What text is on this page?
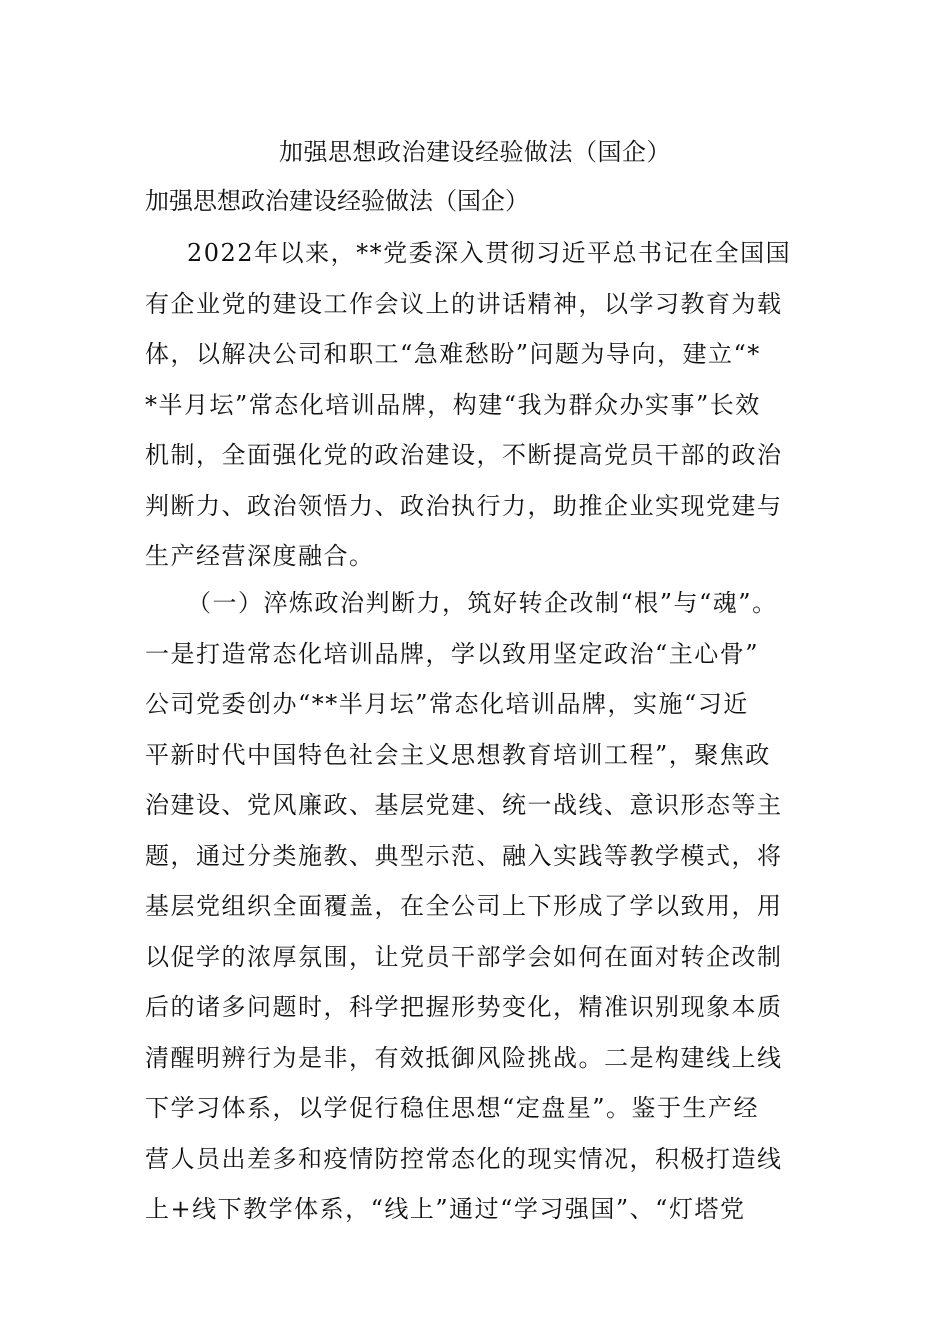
加强思想政治建设经验做法（国企）

加强思想政治建设经验做法（国企）

2022年以来，**党委深入贯彻习近平总书记在全国国
有企业党的建设工作会议上的讲话精神，以学习教育为载
体，以解决公司和职工“急难愁盼”问题为导向，建立“*
*半月坛”常态化培训品牌，构建“我为群众办实事”长效
机制，全面强化党的政治建设，不断提高党员干部的政治
判断力、政治领悟力、政治执行力，助推企业实现党建与
生产经营深度融合。
（一）淬炼政治判断力，筑好转企改制“根”与“魂”。
一是打造常态化培训品牌，学以致用坚定政治“主心骨”
公司党委创办“**半月坛”常态化培训品牌，实施“习近
平新时代中国特色社会主义思想教育培训工程”，聚焦政
治建设、党风廉政、基层党建、统一战线、意识形态等主
题，通过分类施教、典型示范、融入实践等教学模式，将
基层党组织全面覆盖，在全公司上下形成了学以致用，用
以促学的浓厚氛围，让党员干部学会如何在面对转企改制
后的诸多问题时，科学把握形势变化，精准识别现象本质
清醒明辨行为是非，有效抵御风险挑战。二是构建线上线
下学习体系，以学促行稳住思想“定盘星”。鉴于生产经
营人员出差多和疫情防控常态化的现实情况，积极打造线
上+线下教学体系，“线上”通过“学习强国”、“灯塔党
